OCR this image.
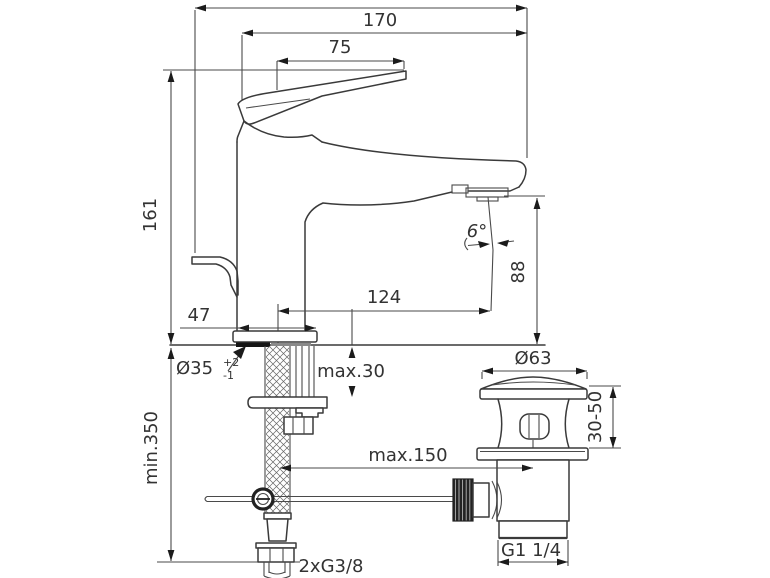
170
75
161
124
47
88
6°
max.30
Ø35 +2
-1
min.350	max.150
Ø63
30-50
G1 1/4
2xG3/8
